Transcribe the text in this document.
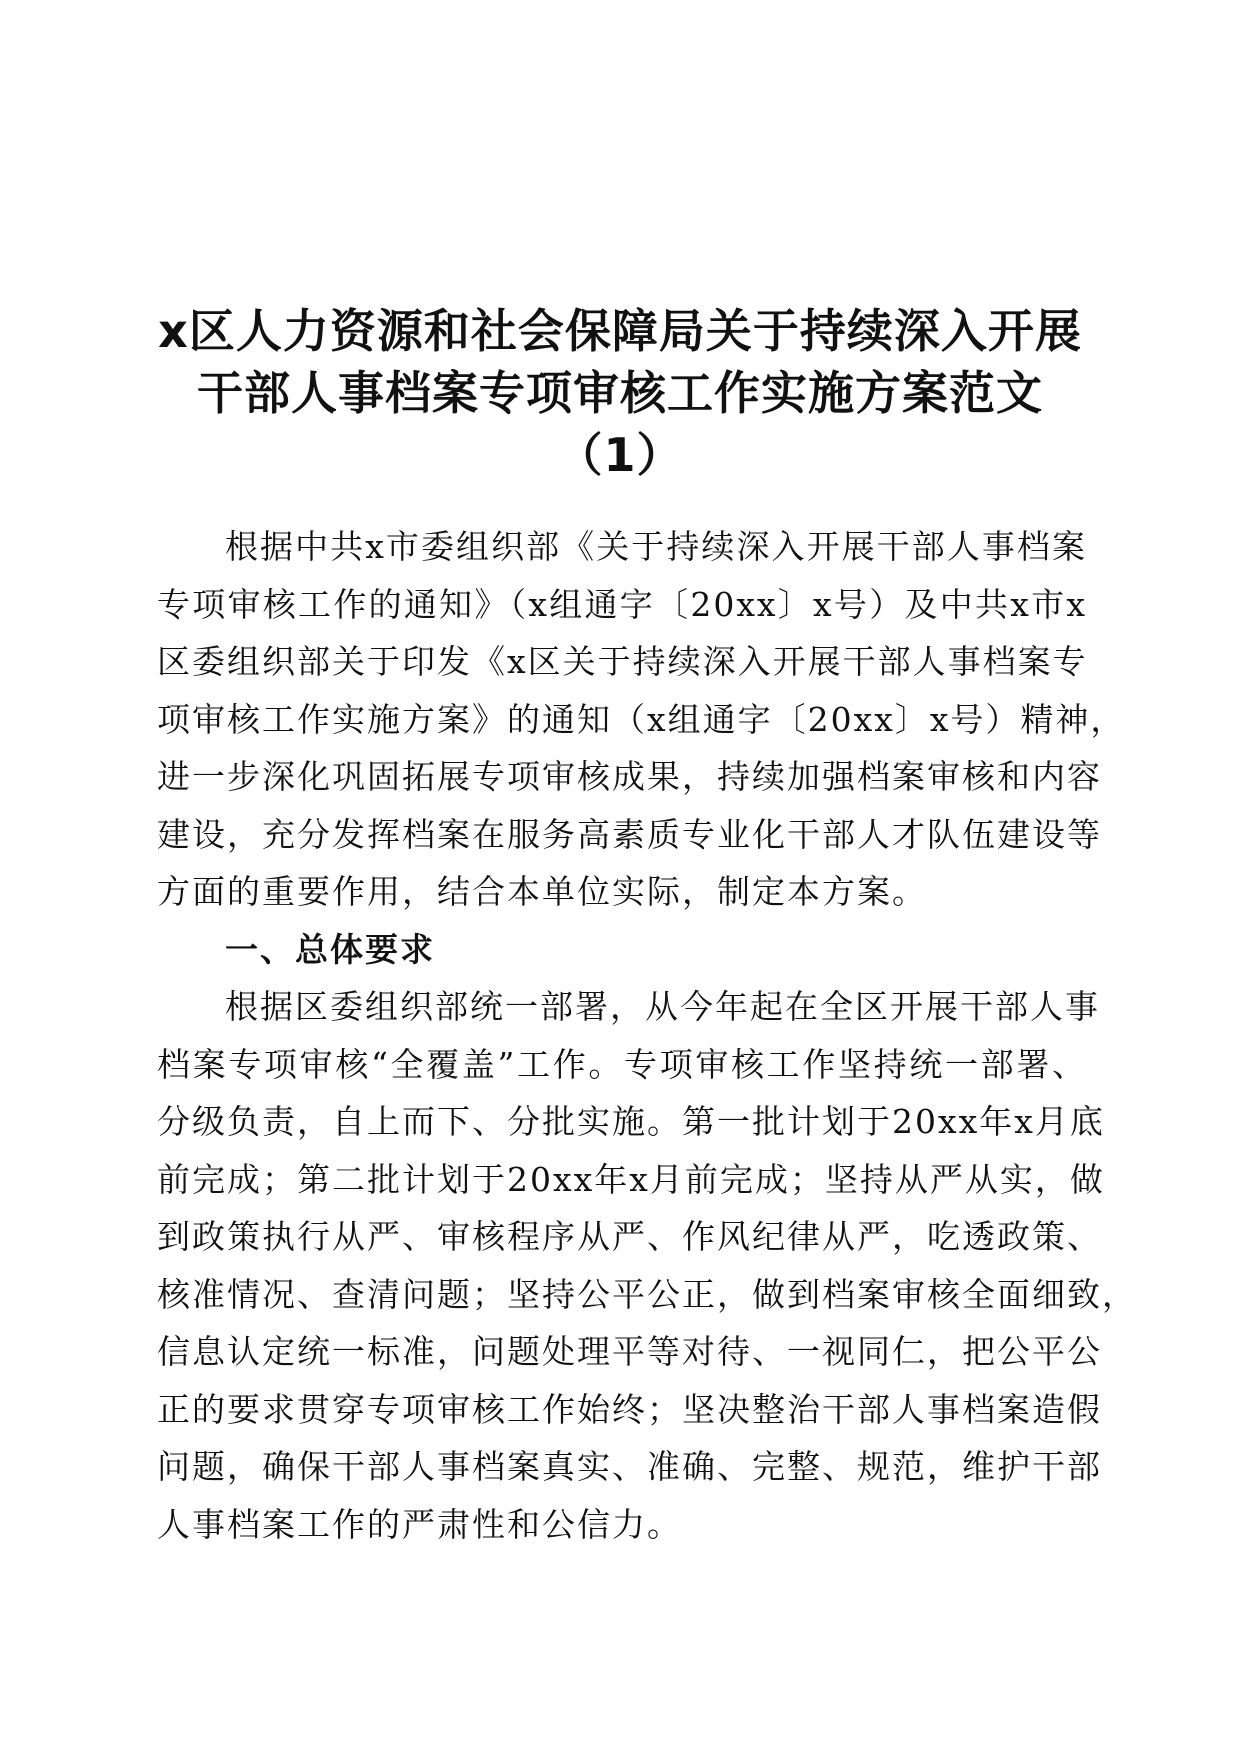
x区人力资源和社会保障局关于持续深入开展
干部人事档案专项审核工作实施方案范文
（1）
根据中共x市委组织部《关于持续深入开展干部人事档案
专项审核工作的通知》（x组通字〔20xx〕x号）及中共x市x
区委组织部关于印发《x区关于持续深入开展干部人事档案专
项审核工作实施方案》的通知（x组通字〔20xx〕x号）精神，
进一步深化巩固拓展专项审核成果，持续加强档案审核和内容
建设，充分发挥档案在服务高素质专业化干部人才队伍建设等
方面的重要作用，结合本单位实际，制定本方案。
一、总体要求
根据区委组织部统一部署，从今年起在全区开展干部人事
档案专项审核“全覆盖”工作。专项审核工作坚持统一部署、
分级负责，自上而下、分批实施。第一批计划于20xx年x月底
前完成；第二批计划于20xx年x月前完成；坚持从严从实，做
到政策执行从严、审核程序从严、作风纪律从严，吃透政策、
核准情况、查清问题；坚持公平公正，做到档案审核全面细致，
信息认定统一标准，问题处理平等对待、一视同仁，把公平公
正的要求贯穿专项审核工作始终；坚决整治干部人事档案造假
问题，确保干部人事档案真实、准确、完整、规范，维护干部
人事档案工作的严肃性和公信力。
